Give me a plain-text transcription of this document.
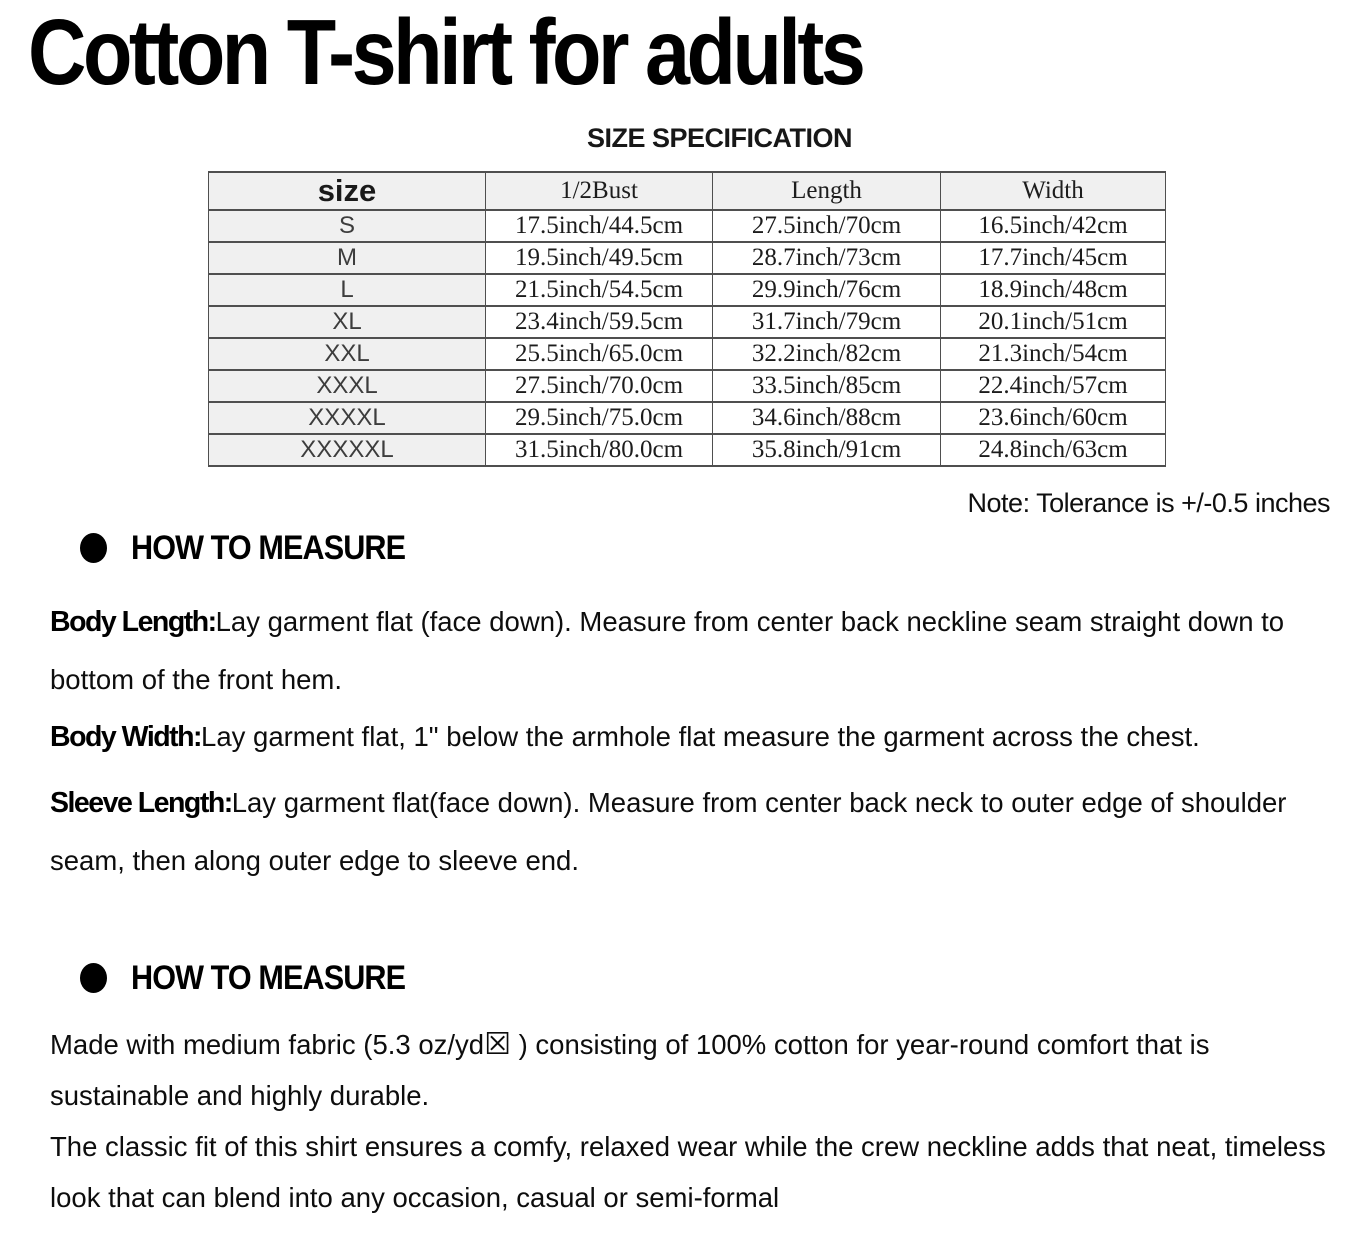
Cotton T-shirt for adults
SIZE SPECIFICATION
size	1/2Bust	Length	Width
S	17.5inch/44.5cm	27.5inch/70cm	16.5inch/42cm
M	19.5inch/49.5cm	28.7inch/73cm	17.7inch/45cm
L	21.5inch/54.5cm	29.9inch/76cm	18.9inch/48cm
XL	23.4inch/59.5cm	31.7inch/79cm	20.1inch/51cm
XXL	25.5inch/65.0cm	32.2inch/82cm	21.3inch/54cm
XXXL	27.5inch/70.0cm	33.5inch/85cm	22.4inch/57cm
XXXXL	29.5inch/75.0cm	34.6inch/88cm	23.6inch/60cm
XXXXXL	31.5inch/80.0cm	35.8inch/91cm	24.8inch/63cm
Note: Tolerance is +/-0.5 inches
HOW TO MEASURE

Body Length:Lay garment flat (face down). Measure from center back neckline seam straight down to bottom of the front hem.

Body Width:Lay garment flat, 1" below the armhole flat measure the garment across the chest.

Sleeve Length:Lay garment flat(face down). Measure from center back neck to outer edge of shoulder seam, then along outer edge to sleeve end.

HOW TO MEASURE

Made with medium fabric (5.3 oz/yd☒ ) consisting of 100% cotton for year-round comfort that is sustainable and highly durable.

The classic fit of this shirt ensures a comfy, relaxed wear while the crew neckline adds that neat, timeless look that can blend into any occasion, casual or semi-formal
